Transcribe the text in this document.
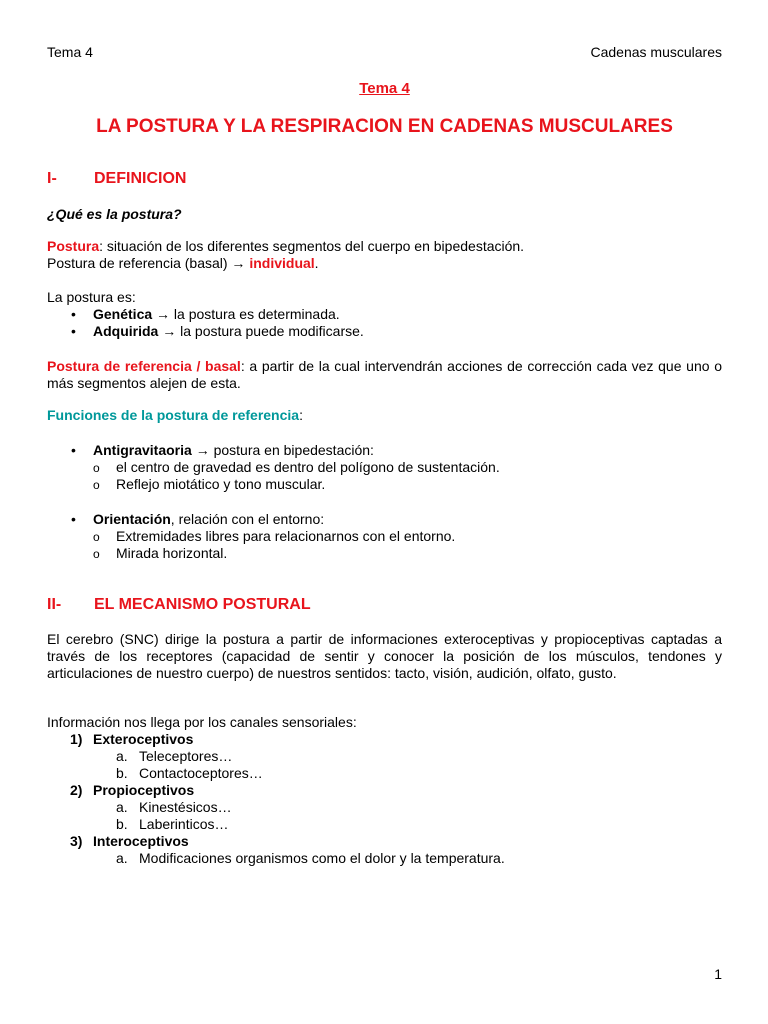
Tema 4	Cadenas musculares
Tema 4
LA POSTURA Y LA RESPIRACION EN CADENAS MUSCULARES
I- DEFINICION
¿Qué es la postura?
Postura: situación de los diferentes segmentos del cuerpo en bipedestación.
Postura de referencia (basal) → individual.
La postura es:
• Genética → la postura es determinada.
• Adquirida → la postura puede modificarse.
Postura de referencia / basal: a partir de la cual intervendrán acciones de corrección cada vez que uno o más segmentos alejen de esta.
Funciones de la postura de referencia:
• Antigravitaoria → postura en bipedestación:
o el centro de gravedad es dentro del polígono de sustentación.
o Reflejo miotático y tono muscular.
• Orientación, relación con el entorno:
o Extremidades libres para relacionarnos con el entorno.
o Mirada horizontal.
II- EL MECANISMO POSTURAL
El cerebro (SNC) dirige la postura a partir de informaciones exteroceptivas y propioceptivas captadas a través de los receptores (capacidad de sentir y conocer la posición de los músculos, tendones y articulaciones de nuestro cuerpo) de nuestros sentidos: tacto, visión, audición, olfato, gusto.
Información nos llega por los canales sensoriales:
1) Exteroceptivos
a. Teleceptores…
b. Contactoceptores…
2) Propioceptivos
a. Kinestésicos…
b. Laberinticos…
3) Interoceptivos
a. Modificaciones organismos como el dolor y la temperatura.
1
